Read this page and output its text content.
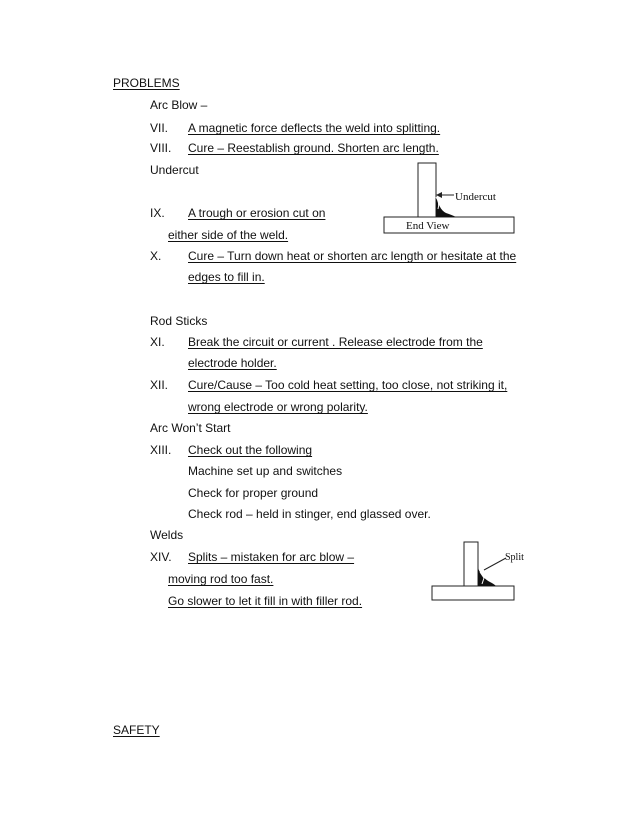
PROBLEMS
Arc Blow –
VII. A magnetic force deflects the weld into splitting.
VIII. Cure – Reestablish ground. Shorten arc length.
Undercut
IX. A trough or erosion cut on
either side of the weld.
X. Cure – Turn down heat or shorten arc length or hesitate at the
edges to fill in.
Undercut
End View
Rod Sticks
XI. Break the circuit or current . Release electrode from the
electrode holder.
XII. Cure/Cause – Too cold heat setting, too close, not striking it,
wrong electrode or wrong polarity.
Arc Won’t Start
XIII. Check out the following
Machine set up and switches
Check for proper ground
Check rod – held in stinger, end glassed over.
Welds
XIV. Splits – mistaken for arc blow –
moving rod too fast.
Go slower to let it fill in with filler rod.
Split
SAFETY
